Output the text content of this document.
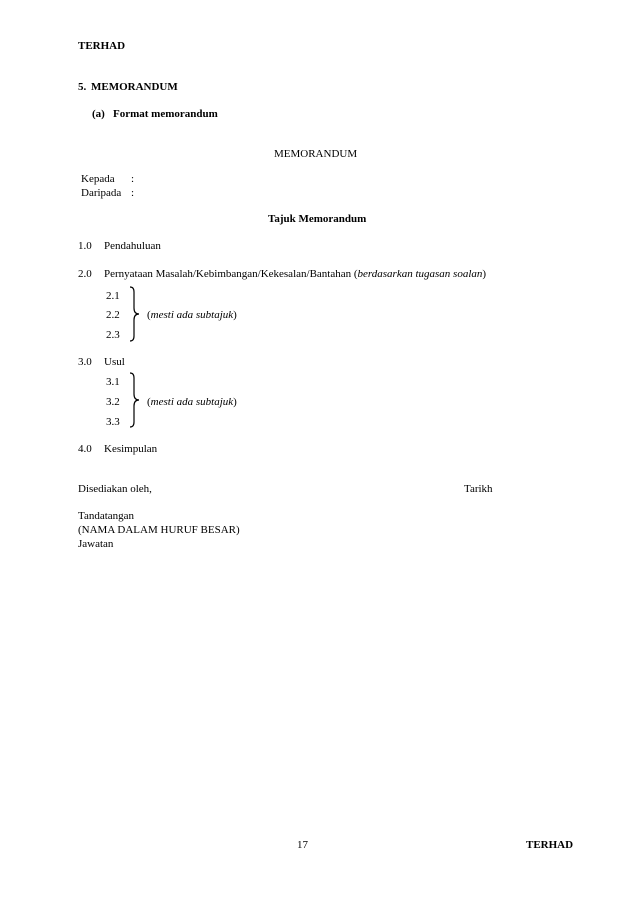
TERHAD
5. MEMORANDUM
(a) Format memorandum
MEMORANDUM
Kepada :
Daripada :
Tajuk Memorandum
1.0 Pendahuluan
2.0 Pernyataan Masalah/Kebimbangan/Kekesalan/Bantahan (berdasarkan tugasan soalan)
2.1
2.2
2.3
(mesti ada subtajuk)
3.0 Usul
3.1
3.2
3.3
(mesti ada subtajuk)
4.0 Kesimpulan
Disediakan oleh,	Tarikh
Tandatangan
(NAMA DALAM HURUF BESAR)
Jawatan
17	TERHAD
